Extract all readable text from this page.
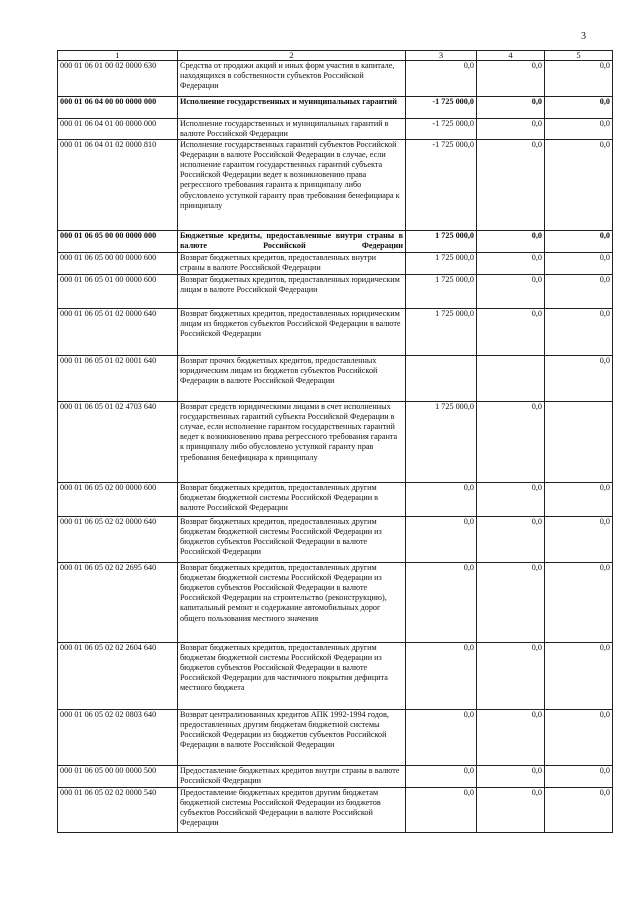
3
1	2	3	4	5
000 01 06 01 00 02 0000 630	Средства от продажи акций и иных форм участия в капитале, находящихся в собственности субъектов Российской Федерации	0,0	0,0	0,0
000 01 06 04 00 00 0000 000	Исполнение государственных и муниципальных гарантий	-1 725 000,0	0,0	0,0
000 01 06 04 01 00 0000 000	Исполнение государственных и муниципальных гарантий в валюте Российской Федерации	-1 725 000,0	0,0	0,0
000 01 06 04 01 02 0000 810	Исполнение государственных гарантий субъектов Российской Федерации в валюте Российской Федерации в случае, если исполнение гарантом государственных гарантий субъекта Российской Федерации ведет к возникновению права регрессного требования гаранта к принципалу либо обусловлено уступкой гаранту прав требования бенефициара к принципалу	-1 725 000,0	0,0	0,0
000 01 06 05 00 00 0000 000	Бюджетные кредиты, предоставленные внутри страны в валюте Российской Федерации	1 725 000,0	0,0	0,0
000 01 06 05 00 00 0000 600	Возврат бюджетных кредитов, предоставленных внутри страны в валюте Российской Федерации	1 725 000,0	0,0	0,0
000 01 06 05 01 00 0000 600	Возврат бюджетных кредитов, предоставленных юридическим лицам в валюте Российской Федерации	1 725 000,0	0,0	0,0
000 01 06 05 01 02 0000 640	Возврат бюджетных кредитов, предоставленных юридическим лицам из бюджетов субъектов Российской Федерации в валюте Российской Федерации	1 725 000,0	0,0	0,0
000 01 06 05 01 02 0001 640	Возврат прочих бюджетных кредитов, предоставленных юридическим лицам из бюджетов субъектов Российской Федерации в валюте Российской Федерации			0,0
000 01 06 05 01 02 4703 640	Возврат средств юридическими лицами в счет исполненных государственных гарантий субъекта Российской Федерации в случае, если исполнение гарантом государственных гарантий ведет к возникновению права регрессного требования гаранта к принципалу либо обусловлено уступкой гаранту прав требования бенефициара к принципалу	1 725 000,0	0,0	
000 01 06 05 02 00 0000 600	Возврат бюджетных кредитов, предоставленных другим бюджетам бюджетной системы Российской Федерации в валюте Российской Федерации	0,0	0,0	0,0
000 01 06 05 02 02 0000 640	Возврат бюджетных кредитов, предоставленных другим бюджетам бюджетной системы Российской Федерации из бюджетов субъектов Российской Федерации в валюте Российской Федерации	0,0	0,0	0,0
000 01 06 05 02 02 2695 640	Возврат бюджетных кредитов, предоставленных другим бюджетам бюджетной системы Российской Федерации из бюджетов субъектов Российской Федерации в валюте Российской Федерации на строительство (реконструкцию), капитальный ремонт и содержание автомобильных дорог общего пользования местного значения	0,0	0,0	0,0
000 01 06 05 02 02 2604 640	Возврат бюджетных кредитов, предоставленных другим бюджетам бюджетной системы Российской Федерации из бюджетов субъектов Российской Федерации в валюте Российской Федерации для частичного покрытия дефицита местного бюджета	0,0	0,0	0,0
000 01 06 05 02 02 0803 640	Возврат централизованных кредитов АПК 1992-1994 годов, предоставленных другим бюджетам бюджетной системы Российской Федерации из бюджетов субъектов Российской Федерации в валюте Российской Федерации	0,0	0,0	0,0
000 01 06 05 00 00 0000 500	Предоставление бюджетных кредитов внутри страны в валюте Российской Федерации	0,0	0,0	0,0
000 01 06 05 02 02 0000 540	Предоставление бюджетных кредитов другим бюджетам бюджетной системы Российской Федерации из бюджетов субъектов Российской Федерации в валюте Российской Федерации	0,0	0,0	0,0
